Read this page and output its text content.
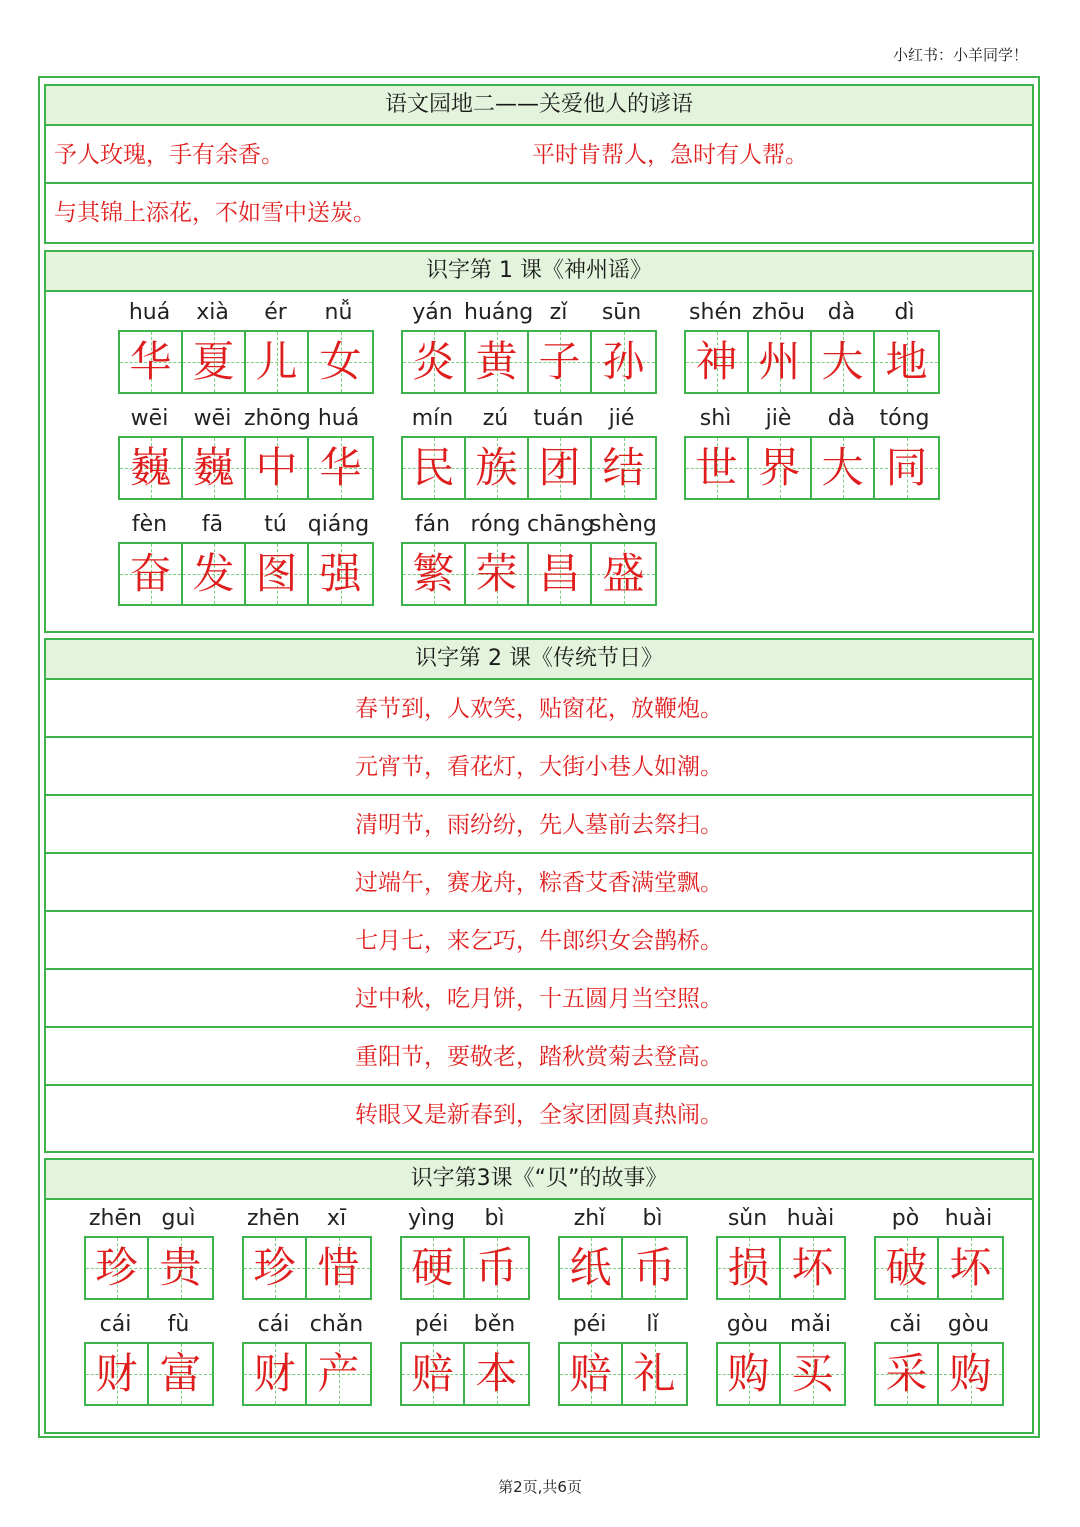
小红书：小羊同学！
语文园地二——关爱他人的谚语
予人玫瑰，手有余香。	平时肯帮人，急时有人帮。
与其锦上添花，不如雪中送炭。
识字第 1 课《神州谣》
huá	xià	ér	nǚ
华 夏 儿 女
yán huáng zǐ	sūn
炎 黄 子 孙
shén zhōu	dà	dì
神 州 大 地
wēi	wēi zhōng huá
巍 巍 中 华
mín	zú	tuán	jié
民 族 团 结
shì	jiè	dà	tóng
世 界 大 同
fèn	fā	tú qiáng
奋 发 图 强
fán róng chāng
shèng
繁 荣 昌 盛
识字第 2 课《传统节日》
春节到，人欢笑，贴窗花，放鞭炮。
元宵节，看花灯，大街小巷人如潮。
清明节，雨纷纷，先人墓前去祭扫。
过端午，赛龙舟，粽香艾香满堂飘。
七月七，来乞巧，牛郎织女会鹊桥。
过中秋，吃月饼，十五圆月当空照。
重阳节，要敬老，踏秋赏菊去登高。
转眼又是新春到，全家团圆真热闹。
识字第3课《“贝”的故事》
zhēn guì
珍 贵
zhēn	xī
珍 惜
yìng	bì
硬 币
zhǐ	bì
纸 币
sǔn huài
损 坏
pò	huài
破 坏
cái	fù
财 富
cái chǎn
财 产
péi	běn
赔 本
péi	lǐ
赔 礼
gòu mǎi
购 买
cǎi	gòu
采 购
第2页,共6页
